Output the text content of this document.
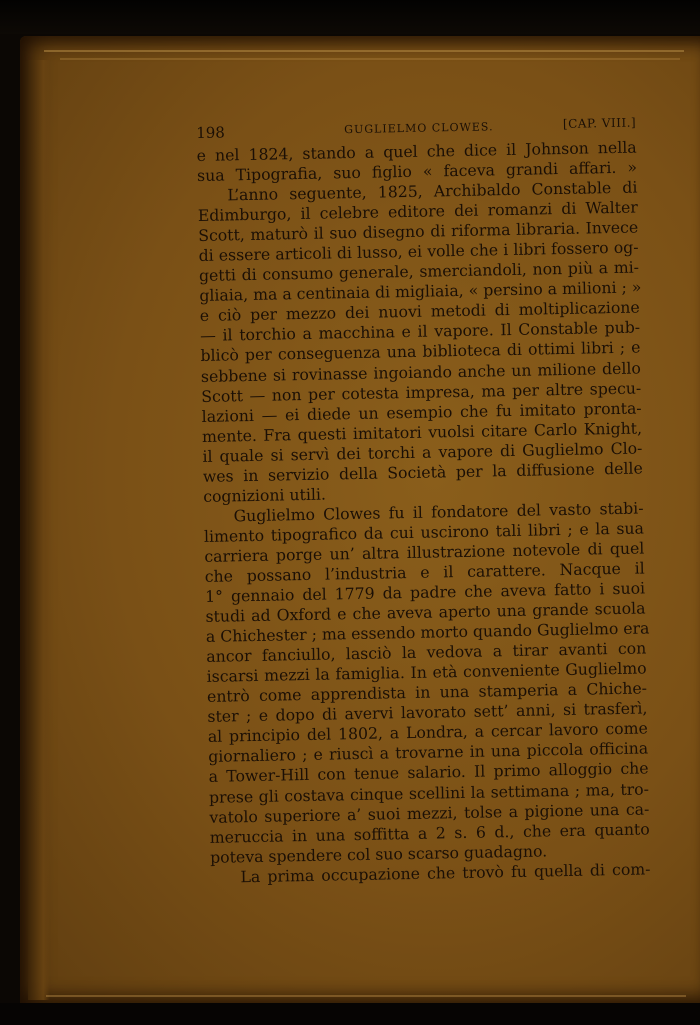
198	GUGLIELMO CLOWES.	[CAP. VIII.]
e nel 1824, stando a quel che dice il Johnson nella
sua Tipografia, suo figlio « faceva grandi affari. »
L’anno seguente, 1825, Archibaldo Constable di
Edimburgo, il celebre editore dei romanzi di Walter
Scott, maturò il suo disegno di riforma libraria. Invece
di essere articoli di lusso, ei volle che i libri fossero og-
getti di consumo generale, smerciandoli, non più a mi-
gliaia, ma a centinaia di migliaia, « persino a milioni ; »
e ciò per mezzo dei nuovi metodi di moltiplicazione
— il torchio a macchina e il vapore. Il Constable pub-
blicò per conseguenza una biblioteca di ottimi libri ; e
sebbene si rovinasse ingoiando anche un milione dello
Scott — non per cotesta impresa, ma per altre specu-
lazioni — ei diede un esempio che fu imitato pronta-
mente. Fra questi imitatori vuolsi citare Carlo Knight,
il quale si servì dei torchi a vapore di Guglielmo Clo-
wes in servizio della Società per la diffusione delle
cognizioni utili.
Guglielmo Clowes fu il fondatore del vasto stabi-
limento tipografico da cui uscirono tali libri ; e la sua
carriera porge un’ altra illustrazione notevole di quel
che possano l’industria e il carattere. Nacque il
1° gennaio del 1779 da padre che aveva fatto i suoi
studi ad Oxford e che aveva aperto una grande scuola
a Chichester ; ma essendo morto quando Guglielmo era
ancor fanciullo, lasciò la vedova a tirar avanti con
iscarsi mezzi la famiglia. In età conveniente Guglielmo
entrò come apprendista in una stamperia a Chiche-
ster ; e dopo di avervi lavorato sett’ anni, si trasferì,
al principio del 1802, a Londra, a cercar lavoro come
giornaliero ; e riuscì a trovarne in una piccola officina
a Tower-Hill con tenue salario. Il primo alloggio che
prese gli costava cinque scellini la settimana ; ma, tro-
vatolo superiore a’ suoi mezzi, tolse a pigione una ca-
meruccia in una soffitta a 2 s. 6 d., che era quanto
poteva spendere col suo scarso guadagno.
La prima occupazione che trovò fu quella di com-
